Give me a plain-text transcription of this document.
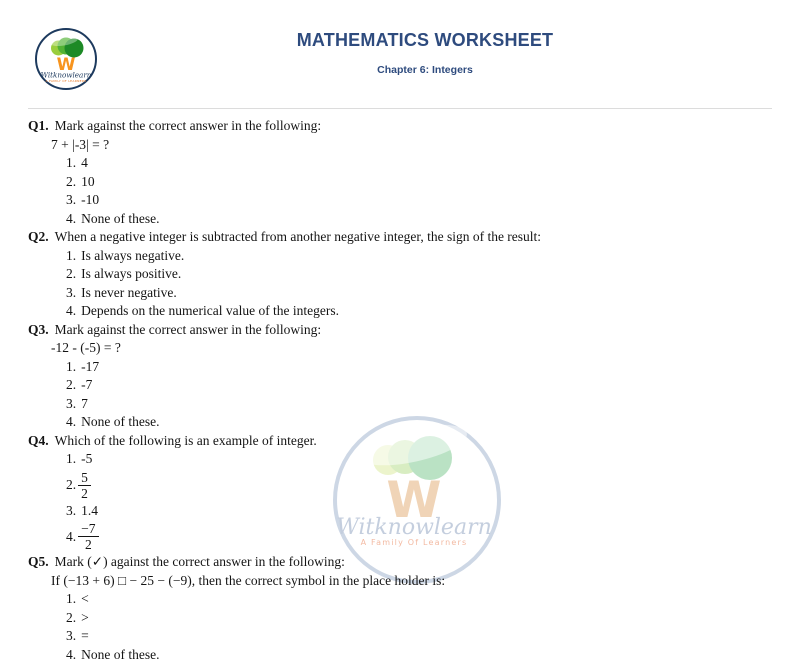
W
Witknowlearn
A FAMILY OF LEARNERS
MATHEMATICS WORKSHEET
Chapter 6: Integers
W
Witknowlearn
A Family Of Learners
Q1. Mark against the correct answer in the following:
7 + |-3| = ?
1. 4
2. 10
3. -10
4. None of these.
Q2. When a negative integer is subtracted from another negative integer, the sign of the result:
1. Is always negative.
2. Is always positive.
3. Is never negative.
4. Depends on the numerical value of the integers.
Q3. Mark against the correct answer in the following:
-12 - (-5) = ?
1. -17
2. -7
3. 7
4. None of these.
Q4. Which of the following is an example of integer.
1. -5
2. $\frac{5}{2}$
3. 1.4
4. $\frac{-7}{2}$
Q5. Mark (✓) against the correct answer in the following:
If (−13 + 6) □ − 25 − (−9), then the correct symbol in the place holder is:
1. <
2. >
3. =
4. None of these.
